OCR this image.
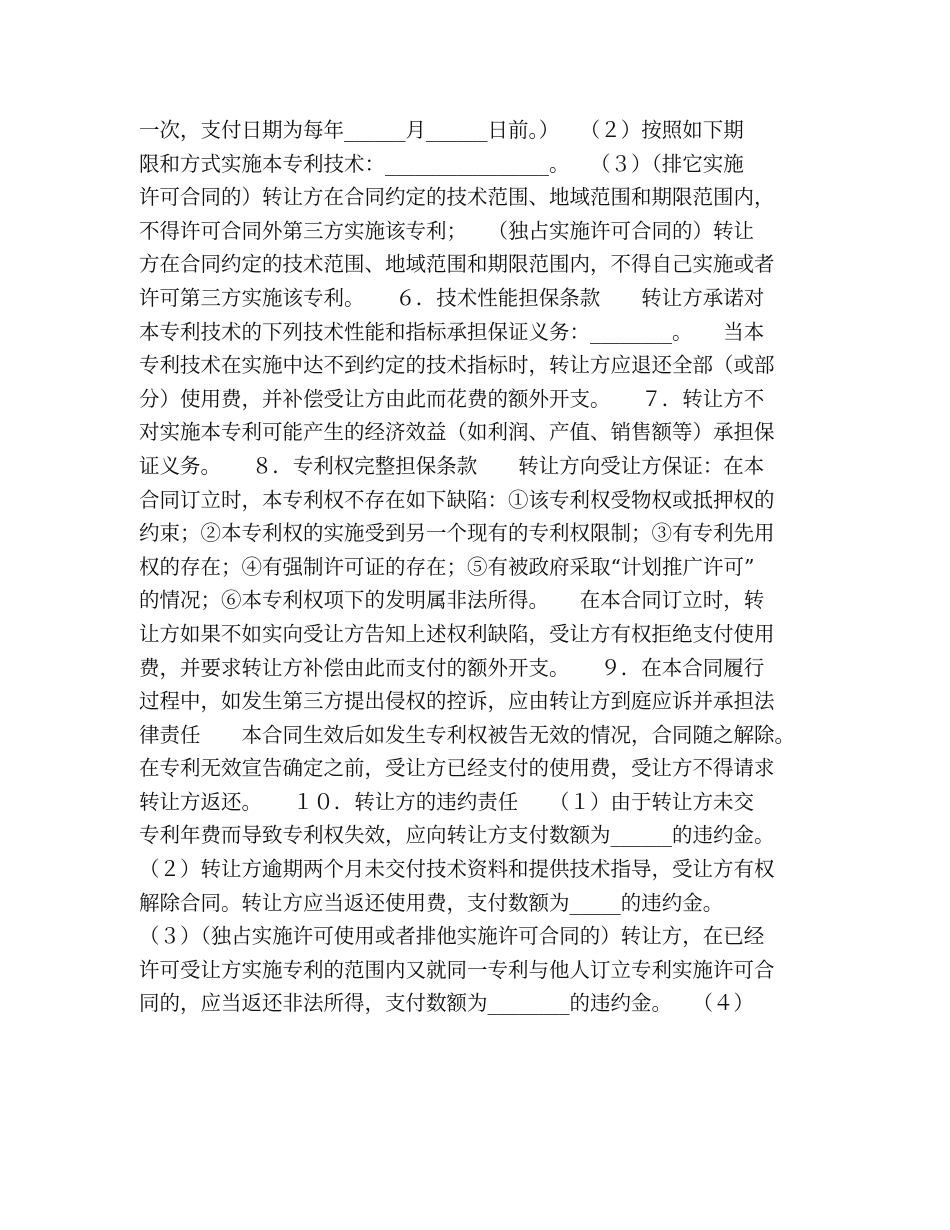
一次，支付日期为每年______月______日前。）　　（２）按照如下期
限和方式实施本专利技术：________________。　　（３）（排它实施
许可合同的）转让方在合同约定的技术范围、地域范围和期限范围内，
不得许可合同外第三方实施该专利；　　（独占实施许可合同的）转让
方在合同约定的技术范围、地域范围和期限范围内，不得自己实施或者
许可第三方实施该专利。　　６．技术性能担保条款　　转让方承诺对
本专利技术的下列技术性能和指标承担保证义务：________。　　当本
专利技术在实施中达不到约定的技术指标时，转让方应退还全部（或部
分）使用费，并补偿受让方由此而花费的额外开支。　　７．转让方不
对实施本专利可能产生的经济效益（如利润、产值、销售额等）承担保
证义务。　　８．专利权完整担保条款　　转让方向受让方保证：在本
合同订立时，本专利权不存在如下缺陷：①该专利权受物权或抵押权的
约束；②本专利权的实施受到另一个现有的专利权限制；③有专利先用
权的存在；④有强制许可证的存在；⑤有被政府采取“计划推广许可”
的情况；⑥本专利权项下的发明属非法所得。　　在本合同订立时，转
让方如果不如实向受让方告知上述权利缺陷，受让方有权拒绝支付使用
费，并要求转让方补偿由此而支付的额外开支。　　９．在本合同履行
过程中，如发生第三方提出侵权的控诉，应由转让方到庭应诉并承担法
律责任　　本合同生效后如发生专利权被告无效的情况，合同随之解除。
在专利无效宣告确定之前，受让方已经支付的使用费，受让方不得请求
转让方返还。　　１０．转让方的违约责任　　（１）由于转让方未交
专利年费而导致专利权失效，应向转让方支付数额为______的违约金。
（２）转让方逾期两个月未交付技术资料和提供技术指导，受让方有权
解除合同。转让方应当返还使用费，支付数额为_____的违约金。
（３）（独占实施许可使用或者排他实施许可合同的）转让方，在已经
许可受让方实施专利的范围内又就同一专利与他人订立专利实施许可合
同的，应当返还非法所得，支付数额为________的违约金。　　（４）
